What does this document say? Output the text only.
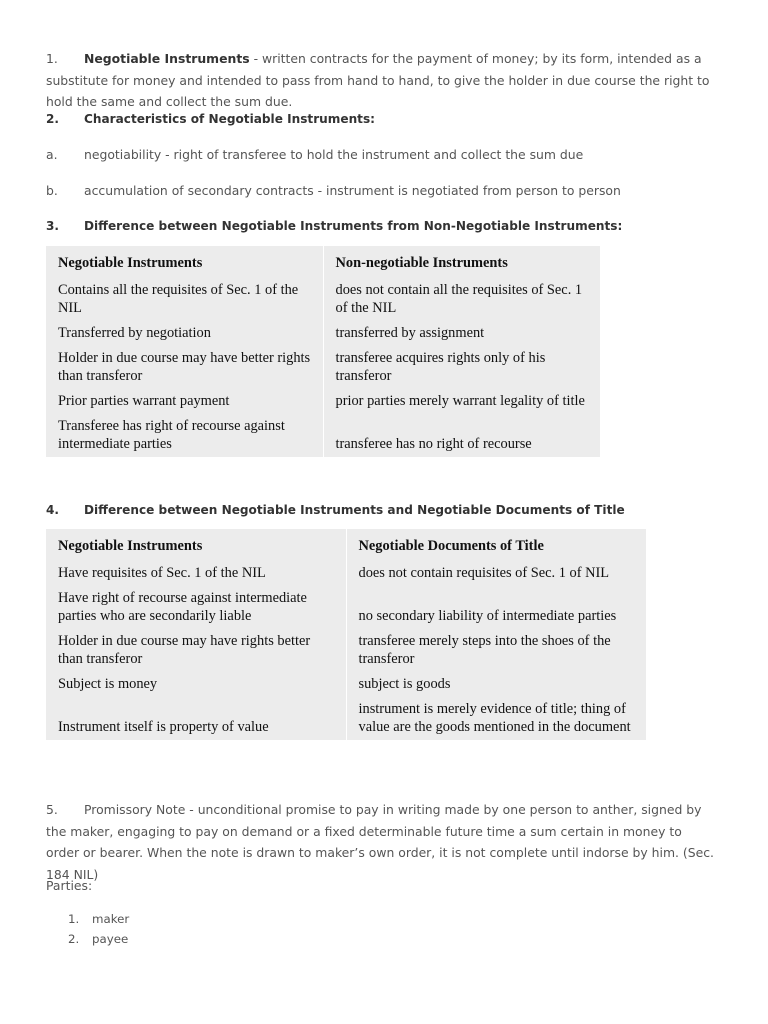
1. Negotiable Instruments - written contracts for the payment of money; by its form, intended as a substitute for money and intended to pass from hand to hand, to give the holder in due course the right to hold the same and collect the sum due.
2. Characteristics of Negotiable Instruments:
a. negotiability - right of transferee to hold the instrument and collect the sum due
b. accumulation of secondary contracts - instrument is negotiated from person to person
3. Difference between Negotiable Instruments from Non-Negotiable Instruments:
Negotiable Instruments	Non-negotiable Instruments
Contains all the requisites of Sec. 1 of the NIL	does not contain all the requisites of Sec. 1 of the NIL
Transferred by negotiation	transferred by assignment
Holder in due course may have better rights than transferor	transferee acquires rights only of his transferor
Prior parties warrant payment	prior parties merely warrant legality of title
Transferee has right of recourse against intermediate parties	transferee has no right of recourse
4. Difference between Negotiable Instruments and Negotiable Documents of Title
Negotiable Instruments	Negotiable Documents of Title
Have requisites of Sec. 1 of the NIL	does not contain requisites of Sec. 1 of NIL
Have right of recourse against intermediate parties who are secondarily liable	no secondary liability of intermediate parties
Holder in due course may have rights better than transferor	transferee merely steps into the shoes of the transferor
Subject is money	subject is goods
Instrument itself is property of value	instrument is merely evidence of title; thing of value are the goods mentioned in the document
5. Promissory Note - unconditional promise to pay in writing made by one person to anther, signed by the maker, engaging to pay on demand or a fixed determinable future time a sum certain in money to order or bearer. When the note is drawn to maker’s own order, it is not complete until indorse by him. (Sec. 184 NIL)
Parties:
1. maker
2. payee
